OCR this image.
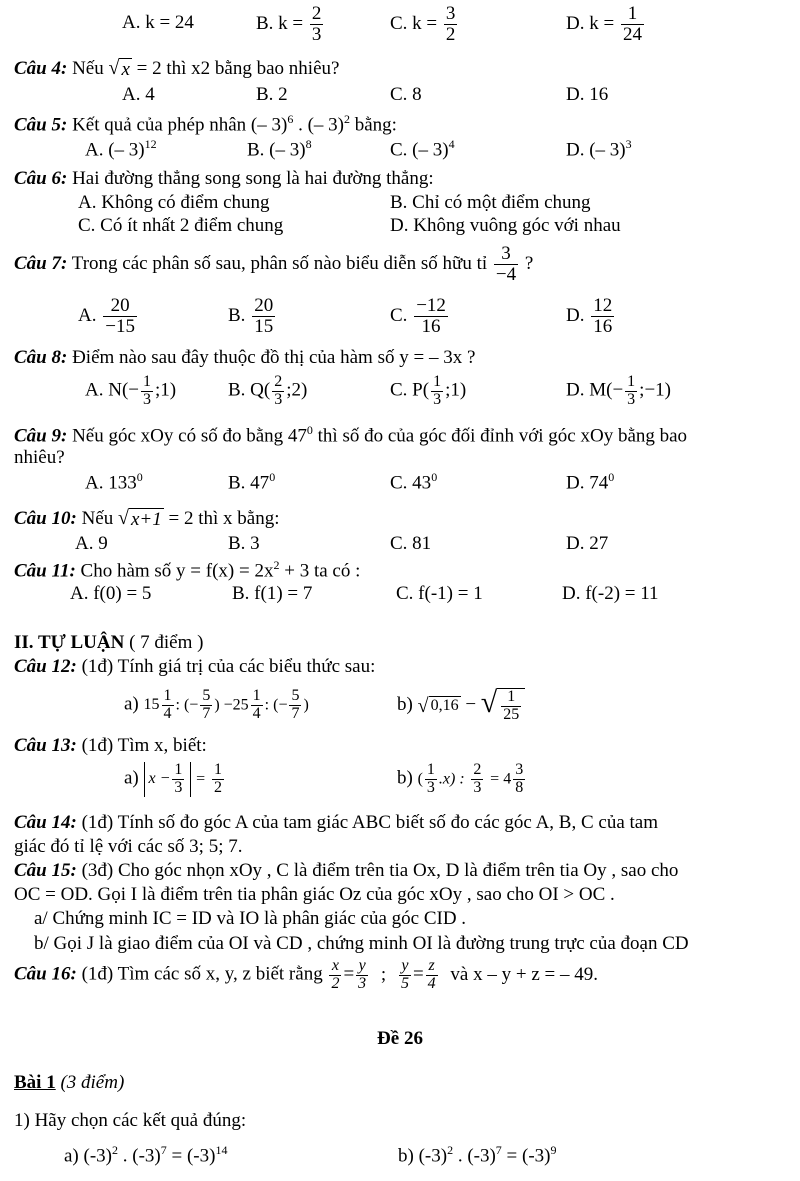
A. k = 24	B. $k = \frac{2}{3}$	C. $k = \frac{3}{2}$	D. $k = \frac{1}{24}$
Câu 4: Nếu √ x = 2 thì x2 bằng bao nhiêu?
A. 4	B. 2	C. 8	D. 16
Câu 5: Kết quả của phép nhân (– 3)$^6$ . (– 3)$^2$ bằng:
A. (– 3)$^{12}$	B. (– 3)$^8$	C. (– 3)$^4$	D. (– 3)$^3$
Câu 6: Hai đường thẳng song song là hai đường thẳng:
A. Không có điểm chung	B. Chỉ có một điểm chung
C. Có ít nhất 2 điểm chung	D. Không vuông góc với nhau
Câu 7: Trong các phân số sau, phân số nào biểu diễn số hữu tỉ $\frac{3}{-4}$ ?
A. $\frac{20}{-15}$	B. $\frac{20}{15}$	C. $\frac{-12}{16}$	D. $\frac{12}{16}$
Câu 8: Điểm nào sau đây thuộc đồ thị của hàm số y = – 3x ?
A. $N(- \frac{1}{3}$ ;1)	B. $Q( \frac{2}{3}$ ;2)	C. $P( \frac{1}{3}$ ;1)	D. $M(- \frac{1}{3}$ ;−1)
Câu 9: Nếu góc xOy có số đo bằng $47^0$ thì số đo của góc đối đỉnh với góc xOy bằng bao
nhiêu?
A. $133^0$	B. $47^0$	C. $43^0$	D. $74^0$
Câu 10: Nếu √ x+1 = 2 thì x bằng:
A. 9	B. 3	C. 81	D. 27
Câu 11: Cho hàm số $y = f(x) = 2x^2 + 3$ ta có :
A. f(0) = 5	B. f(1) = 7	C. f(-1) = 1	D. f(-2) = 11
II. TỰ LUẬN ( 7 điểm )
Câu 12: (1đ) Tính giá trị của các biểu thức sau:
a) $15 \frac{1}{4}$ : (− $\frac{5}{7}$ ) $-25 \frac{1}{4}$ : (− $\frac{5}{7}$ )	b) √ 0,16 − √ $\frac{1}{25}$
Câu 13: (1đ) Tìm x, biết:
a) $x - \frac{1}{3} = \frac{1}{2}$	b) ( $\frac{1}{3} .x$) : $\frac{2}{3} = 4 \frac{3}{8}$
Câu 14: (1đ) Tính số đo góc A của tam giác ABC biết số đo các góc A, B, C của tam
giác đó tỉ lệ với các số 3; 5; 7.
Câu 15: (3đ) Cho góc nhọn xOy , C là điểm trên tia Ox, D là điểm trên tia Oy , sao cho
OC = OD. Gọi I là điểm trên tia phân giác Oz của góc xOy , sao cho OI > OC .
a/ Chứng minh IC = ID và IO là phân giác của góc CID .
b/ Gọi J là giao điểm của OI và CD , chứng minh OI là đường trung trực của đoạn CD
Câu 16: (1đ) Tìm các số x, y, z biết rằng $\frac{x}{2} = \frac{y}{3}$ ; $\frac{y}{5} = \frac{z}{4}$ và x – y + z = – 49.
Đề 26
Bài 1 (3 điểm)
1) Hãy chọn các kết quả đúng:
a) $(-3)^2$ . $(-3)^7 = (-3)^{14}$	b) $(-3)^2$ . $(-3)^7 = (-3)^9$
